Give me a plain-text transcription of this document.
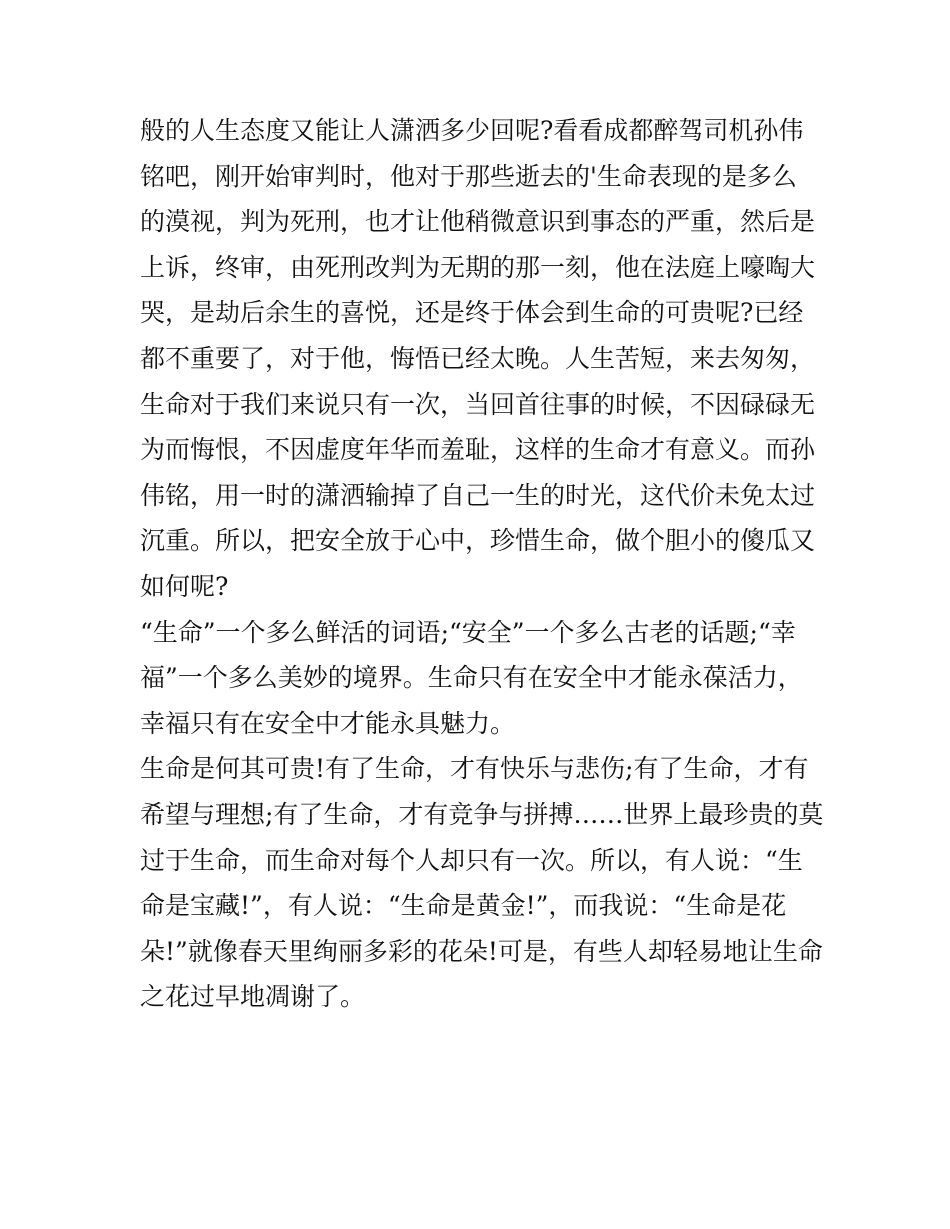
般的人生态度又能让人潇洒多少回呢?看看成都醉驾司机孙伟
铭吧，刚开始审判时，他对于那些逝去的'生命表现的是多么
的漠视，判为死刑，也才让他稍微意识到事态的严重，然后是
上诉，终审，由死刑改判为无期的那一刻，他在法庭上嚎啕大
哭，是劫后余生的喜悦，还是终于体会到生命的可贵呢?已经
都不重要了，对于他，悔悟已经太晚。人生苦短，来去匆匆，
生命对于我们来说只有一次，当回首往事的时候，不因碌碌无
为而悔恨，不因虚度年华而羞耻，这样的生命才有意义。而孙
伟铭，用一时的潇洒输掉了自己一生的时光，这代价未免太过
沉重。所以，把安全放于心中，珍惜生命，做个胆小的傻瓜又
如何呢?
“生命”一个多么鲜活的词语;“安全”一个多么古老的话题;“幸
福”一个多么美妙的境界。生命只有在安全中才能永葆活力，
幸福只有在安全中才能永具魅力。
生命是何其可贵!有了生命，才有快乐与悲伤;有了生命，才有
希望与理想;有了生命，才有竞争与拼搏……世界上最珍贵的莫
过于生命，而生命对每个人却只有一次。所以，有人说：“生
命是宝藏!”，有人说：“生命是黄金!”，而我说：“生命是花
朵!”就像春天里绚丽多彩的花朵!可是，有些人却轻易地让生命
之花过早地凋谢了。
